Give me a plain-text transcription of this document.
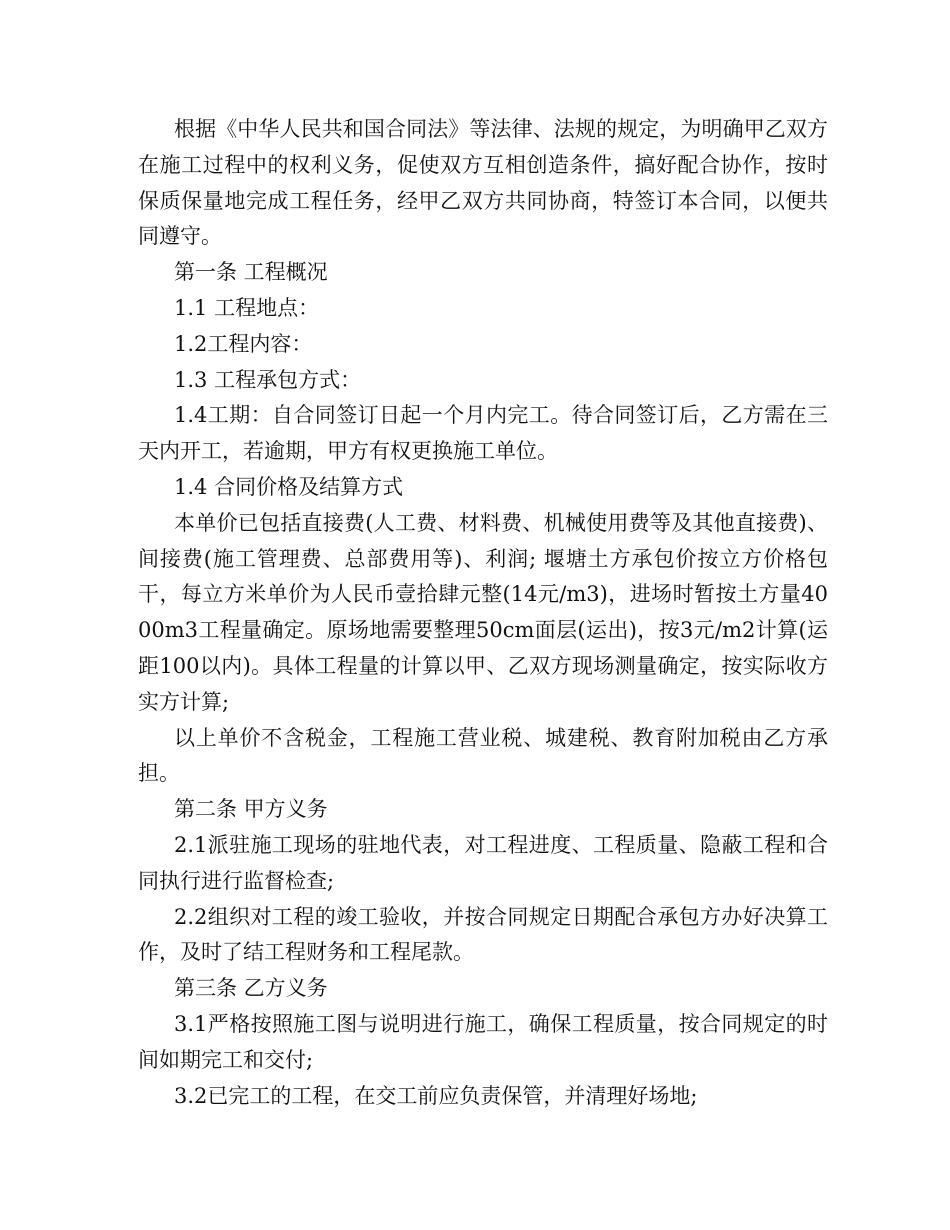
根据《中华人民共和国合同法》等法律、法规的规定，为明确甲乙双方在施工过程中的权利义务，促使双方互相创造条件，搞好配合协作，按时保质保量地完成工程任务，经甲乙双方共同协商，特签订本合同，以便共同遵守。

第一条 工程概况

1.1 工程地点：

1.2工程内容：

1.3 工程承包方式：

1.4工期：自合同签订日起一个月内完工。待合同签订后，乙方需在三天内开工，若逾期，甲方有权更换施工单位。

1.4 合同价格及结算方式

本单价已包括直接费(人工费、材料费、机械使用费等及其他直接费)、间接费(施工管理费、总部费用等)、利润; 堰塘土方承包价按立方价格包干，每立方米单价为人民币壹拾肆元整(14元/m3)，进场时暂按土方量4000m3工程量确定。原场地需要整理50cm面层(运出)，按3元/m2计算(运距100以内)。具体工程量的计算以甲、乙双方现场测量确定，按实际收方实方计算;

以上单价不含税金，工程施工营业税、城建税、教育附加税由乙方承担。

第二条 甲方义务

2.1派驻施工现场的驻地代表，对工程进度、工程质量、隐蔽工程和合同执行进行监督检查;

2.2组织对工程的竣工验收，并按合同规定日期配合承包方办好决算工作，及时了结工程财务和工程尾款。

第三条 乙方义务

3.1严格按照施工图与说明进行施工，确保工程质量，按合同规定的时间如期完工和交付;

3.2已完工的工程，在交工前应负责保管，并清理好场地;
